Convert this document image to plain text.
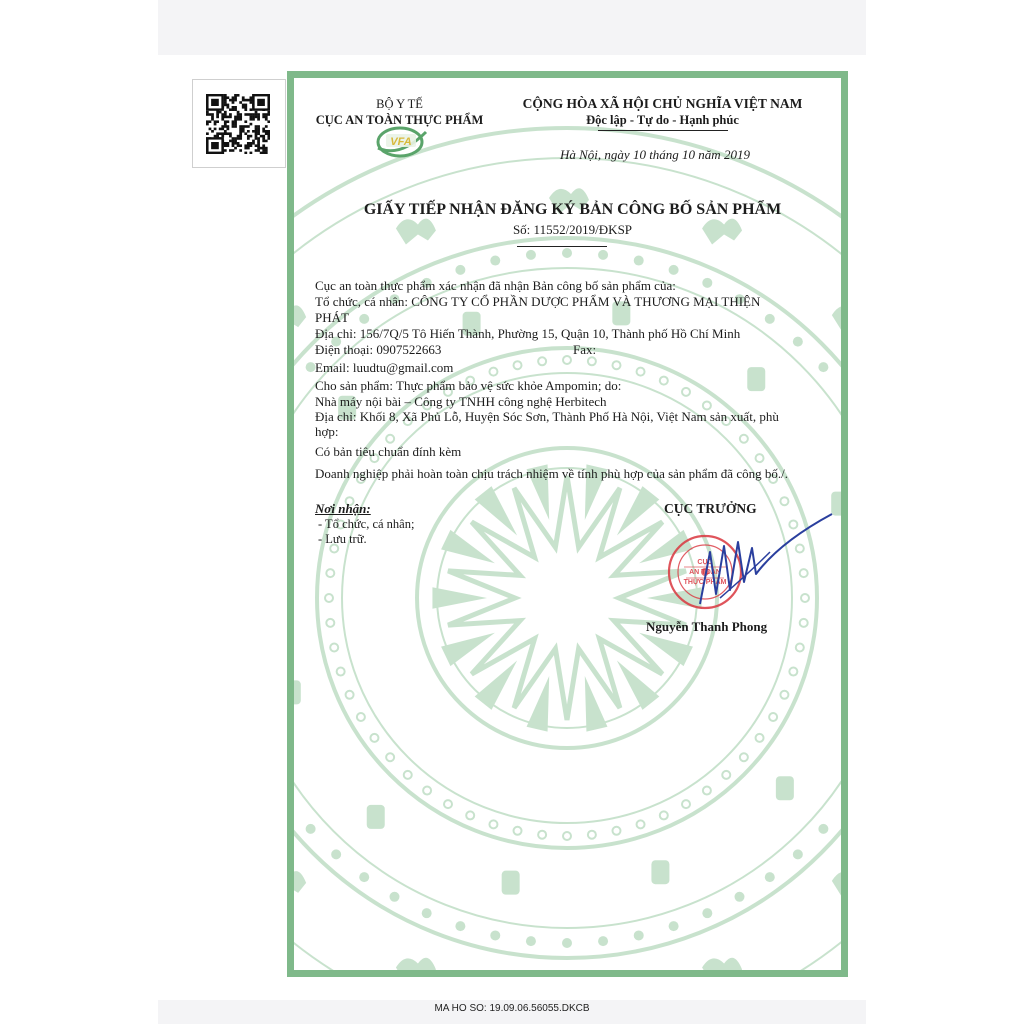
VFA
BỘ Y TẾ
CỤC AN TOÀN THỰC PHẨM
CỘNG HÒA XÃ HỘI CHỦ NGHĨA VIỆT NAM
Độc lập - Tự do - Hạnh phúc
Hà Nội, ngày 10 tháng 10 năm 2019
GIẤY TIẾP NHẬN ĐĂNG KÝ BẢN CÔNG BỐ SẢN PHẨM
Số: 11552/2019/ĐKSP
Cục an toàn thực phẩm xác nhận đã nhận Bản công bố sản phẩm của:
Tổ chức, cá nhân: CÔNG TY CỔ PHẦN DƯỢC PHẨM VÀ THƯƠNG MẠI THIỆN
PHÁT
Địa chỉ: 156/7Q/5 Tô Hiến Thành, Phường 15, Quận 10, Thành phố Hồ Chí Minh
Điện thoại: 0907522663	Fax:
Email: luudtu@gmail.com
Cho sản phẩm: Thực phẩm bảo vệ sức khỏe Ampomin; do:
Nhà máy nội bài – Công ty TNHH công nghệ Herbitech
Địa chỉ: Khối 8, Xã Phủ Lỗ, Huyện Sóc Sơn, Thành Phố Hà Nội, Việt Nam sản xuất, phù
hợp:
Có bản tiêu chuẩn đính kèm
Doanh nghiệp phải hoàn toàn chịu trách nhiệm về tính phù hợp của sản phẩm đã công bố./.
Nơi nhận:
- Tổ chức, cá nhân;
- Lưu trữ.
CỤC TRƯỞNG
CỤC
AN TOÀN
THỰC PHẨM
Nguyễn Thanh Phong
MA HO SO: 19.09.06.56055.DKCB
